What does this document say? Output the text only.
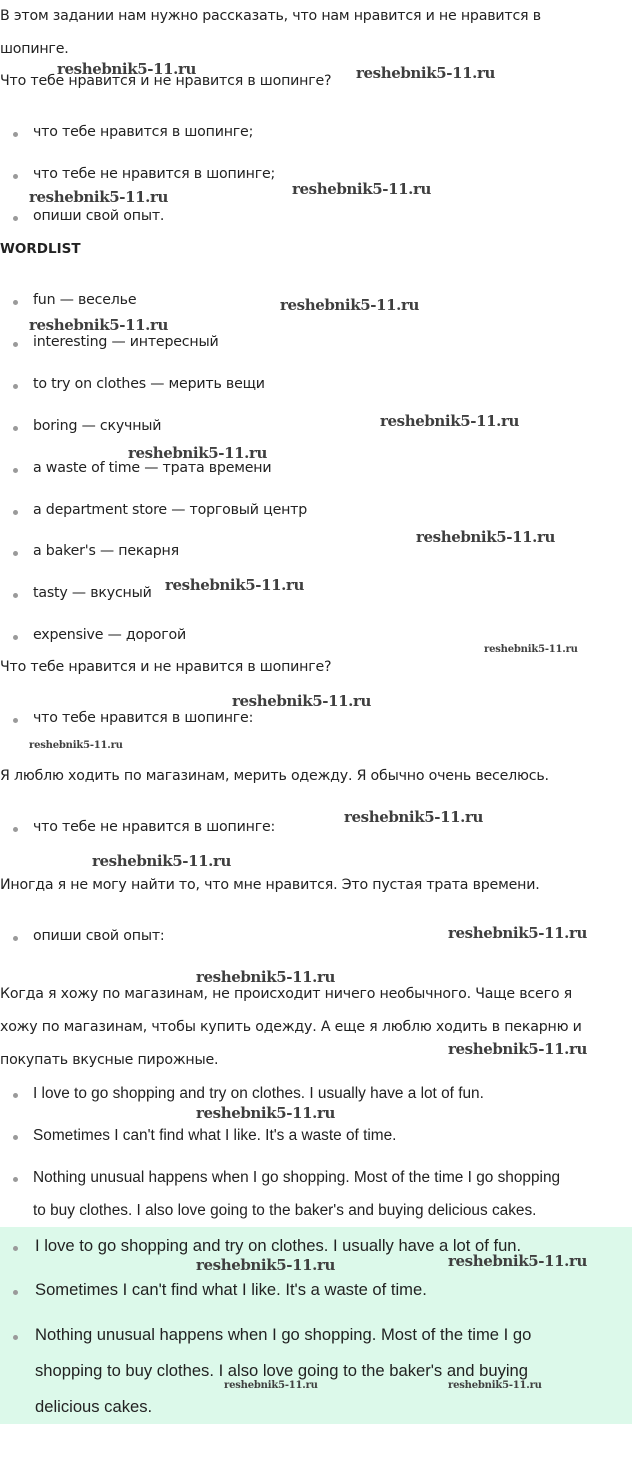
В этом задании нам нужно рассказать, что нам нравится и не нравится в

шопинге.

Что тебе нравится и не нравится в шопинге?

что тебе нравится в шопинге;
что тебе не нравится в шопинге;
опиши свой опыт.

WORDLIST

fun — веселье
interesting — интересный
to try on clothes — мерить вещи
boring — скучный
a waste of time — трата времени
a department store — торговый центр
a baker's — пекарня
tasty — вкусный
expensive — дорогой

Что тебе нравится и не нравится в шопинге?

что тебе нравится в шопинге:

Я люблю ходить по магазинам, мерить одежду. Я обычно очень веселюсь.

что тебе не нравится в шопинге:

Иногда я не могу найти то, что мне нравится. Это пустая трата времени.

опиши свой опыт:

Когда я хожу по магазинам, не происходит ничего необычного. Чаще всего я

хожу по магазинам, чтобы купить одежду. А еще я люблю ходить в пекарню и

покупать вкусные пирожные.

I love to go shopping and try on clothes. I usually have a lot of fun.
Sometimes I can't find what I like. It's a waste of time.
Nothing unusual happens when I go shopping. Most of the time I go shopping
to buy clothes. I also love going to the baker's and buying delicious cakes.
I love to go shopping and try on clothes. I usually have a lot of fun.
Sometimes I can't find what I like. It's a waste of time.
Nothing unusual happens when I go shopping. Most of the time I go
shopping to buy clothes. I also love going to the baker's and buying
delicious cakes.
reshebnik5-11.ru	reshebnik5-11.ru
reshebnik5-11.ru	reshebnik5-11.ru
reshebnik5-11.ru
reshebnik5-11.ru
reshebnik5-11.ru
reshebnik5-11.ru
reshebnik5-11.ru
reshebnik5-11.ru
reshebnik5-11.ru
reshebnik5-11.ru
reshebnik5-11.ru
reshebnik5-11.ru
reshebnik5-11.ru
reshebnik5-11.ru
reshebnik5-11.ru
reshebnik5-11.ru
reshebnik5-11.ru
reshebnik5-11.ru	reshebnik5-11.ru
reshebnik5-11.ru	reshebnik5-11.ru
